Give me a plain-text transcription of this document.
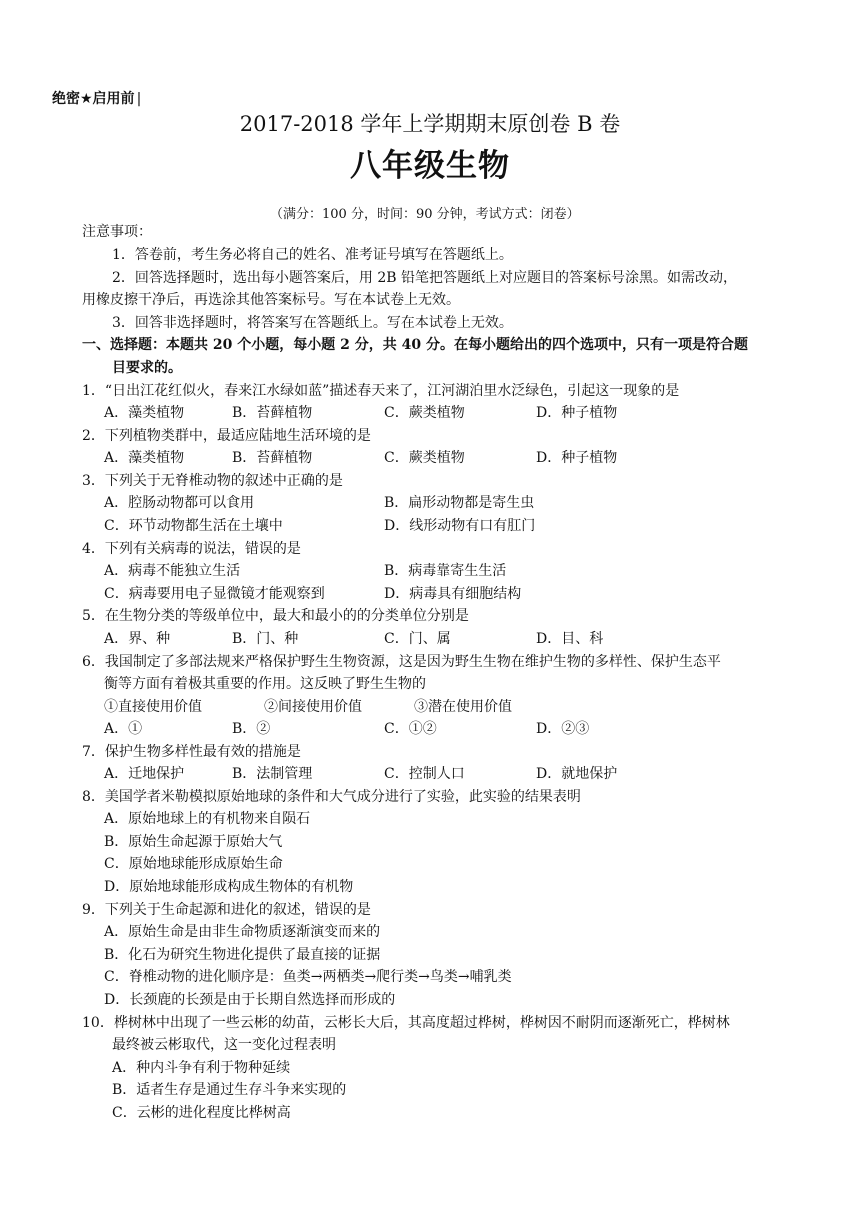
绝密★启用前 |
2017-2018 学年上学期期末原创卷 B 卷
八年级生物
（满分：100 分，时间：90 分钟，考试方式：闭卷）
注意事项：
1．答卷前，考生务必将自己的姓名、准考证号填写在答题纸上。
2．回答选择题时，选出每小题答案后，用 2B 铅笔把答题纸上对应题目的答案标号涂黑。如需改动，
用橡皮擦干净后，再选涂其他答案标号。写在本试卷上无效。
3．回答非选择题时，将答案写在答题纸上。写在本试卷上无效。
一、选择题：本题共 20 个小题，每小题 2 分，共 40 分。在每小题给出的四个选项中，只有一项是符合题
目要求的。
1．“日出江花红似火，春来江水绿如蓝”描述春天来了，江河湖泊里水泛绿色，引起这一现象的是
A．藻类植物	B．苔藓植物	C．蕨类植物	D．种子植物
2．下列植物类群中，最适应陆地生活环境的是
A．藻类植物	B．苔藓植物	C．蕨类植物	D．种子植物
3．下列关于无脊椎动物的叙述中正确的是
A．腔肠动物都可以食用	B．扁形动物都是寄生虫
C．环节动物都生活在土壤中	D．线形动物有口有肛门
4．下列有关病毒的说法，错误的是
A．病毒不能独立生活	B．病毒靠寄生生活
C．病毒要用电子显微镜才能观察到	D．病毒具有细胞结构
5．在生物分类的等级单位中，最大和最小的的分类单位分别是
A．界、种	B．门、种	C．门、属	D．目、科
6．我国制定了多部法规来严格保护野生生物资源，这是因为野生生物在维护生物的多样性、保护生态平
衡等方面有着极其重要的作用。这反映了野生生物的
①直接使用价值	②间接使用价值	③潜在使用价值
A．①	B．②	C．①②	D．②③
7．保护生物多样性最有效的措施是
A．迁地保护	B．法制管理	C．控制人口	D．就地保护
8．美国学者米勒模拟原始地球的条件和大气成分进行了实验，此实验的结果表明
A．原始地球上的有机物来自陨石
B．原始生命起源于原始大气
C．原始地球能形成原始生命
D．原始地球能形成构成生物体的有机物
9．下列关于生命起源和进化的叙述，错误的是
A．原始生命是由非生命物质逐渐演变而来的
B．化石为研究生物进化提供了最直接的证据
C．脊椎动物的进化顺序是：鱼类→两栖类→爬行类→鸟类→哺乳类
D．长颈鹿的长颈是由于长期自然选择而形成的
10．桦树林中出现了一些云彬的幼苗，云彬长大后，其高度超过桦树，桦树因不耐阴而逐渐死亡，桦树林
最终被云彬取代，这一变化过程表明
A．种内斗争有利于物种延续
B．适者生存是通过生存斗争来实现的
C．云彬的进化程度比桦树高
